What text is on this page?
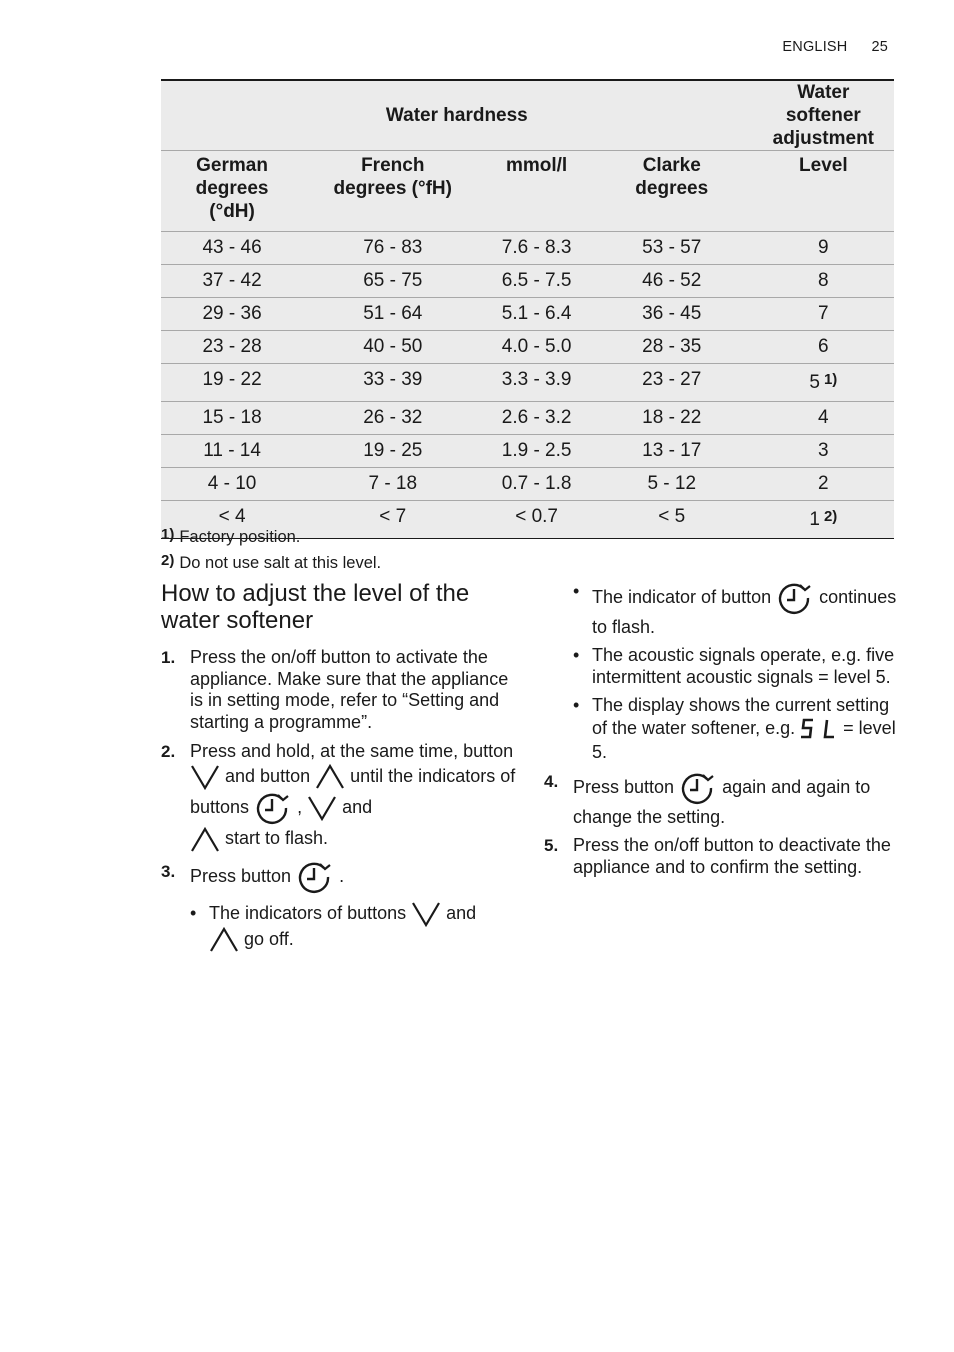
ENGLISH 25
Water hardness				Water softener adjustment
German degrees (°dH)	French degrees (°fH)	mmol/l	Clarke degrees	Level
43 - 46	76 - 83	7.6 - 8.3	53 - 57	9
37 - 42	65 - 75	6.5 - 7.5	46 - 52	8
29 - 36	51 - 64	5.1 - 6.4	36 - 45	7
23 - 28	40 - 50	4.0 - 5.0	28 - 35	6
19 - 22	33 - 39	3.3 - 3.9	23 - 27	5 $^{1)}$
15 - 18	26 - 32	2.6 - 3.2	18 - 22	4
11 - 14	19 - 25	1.9 - 2.5	13 - 17	3
4 - 10	7 - 18	0.7 - 1.8	5 - 12	2
< 4	< 7	< 0.7	< 5	1 $^{2)}$
1) Factory position.
2) Do not use salt at this level.
How to adjust the level of the water softener
1. Press the on/off button to activate the appliance. Make sure that the appliance is in setting mode, refer to “Setting and starting a programme”.
2. Press and hold, at the same time, button  and button until the indicators of buttons	, and
start to flash.
3. Press button	.
• The indicators of buttons and
go off.
• The indicator of button	continues to flash.
• The acoustic signals operate, e.g. five intermittent acoustic signals = level 5.
• The display shows the current setting of the water softener, e.g.	= level 5.
4. Press button	again and again to change the setting.
5. Press the on/off button to deactivate the appliance and to confirm the setting.
